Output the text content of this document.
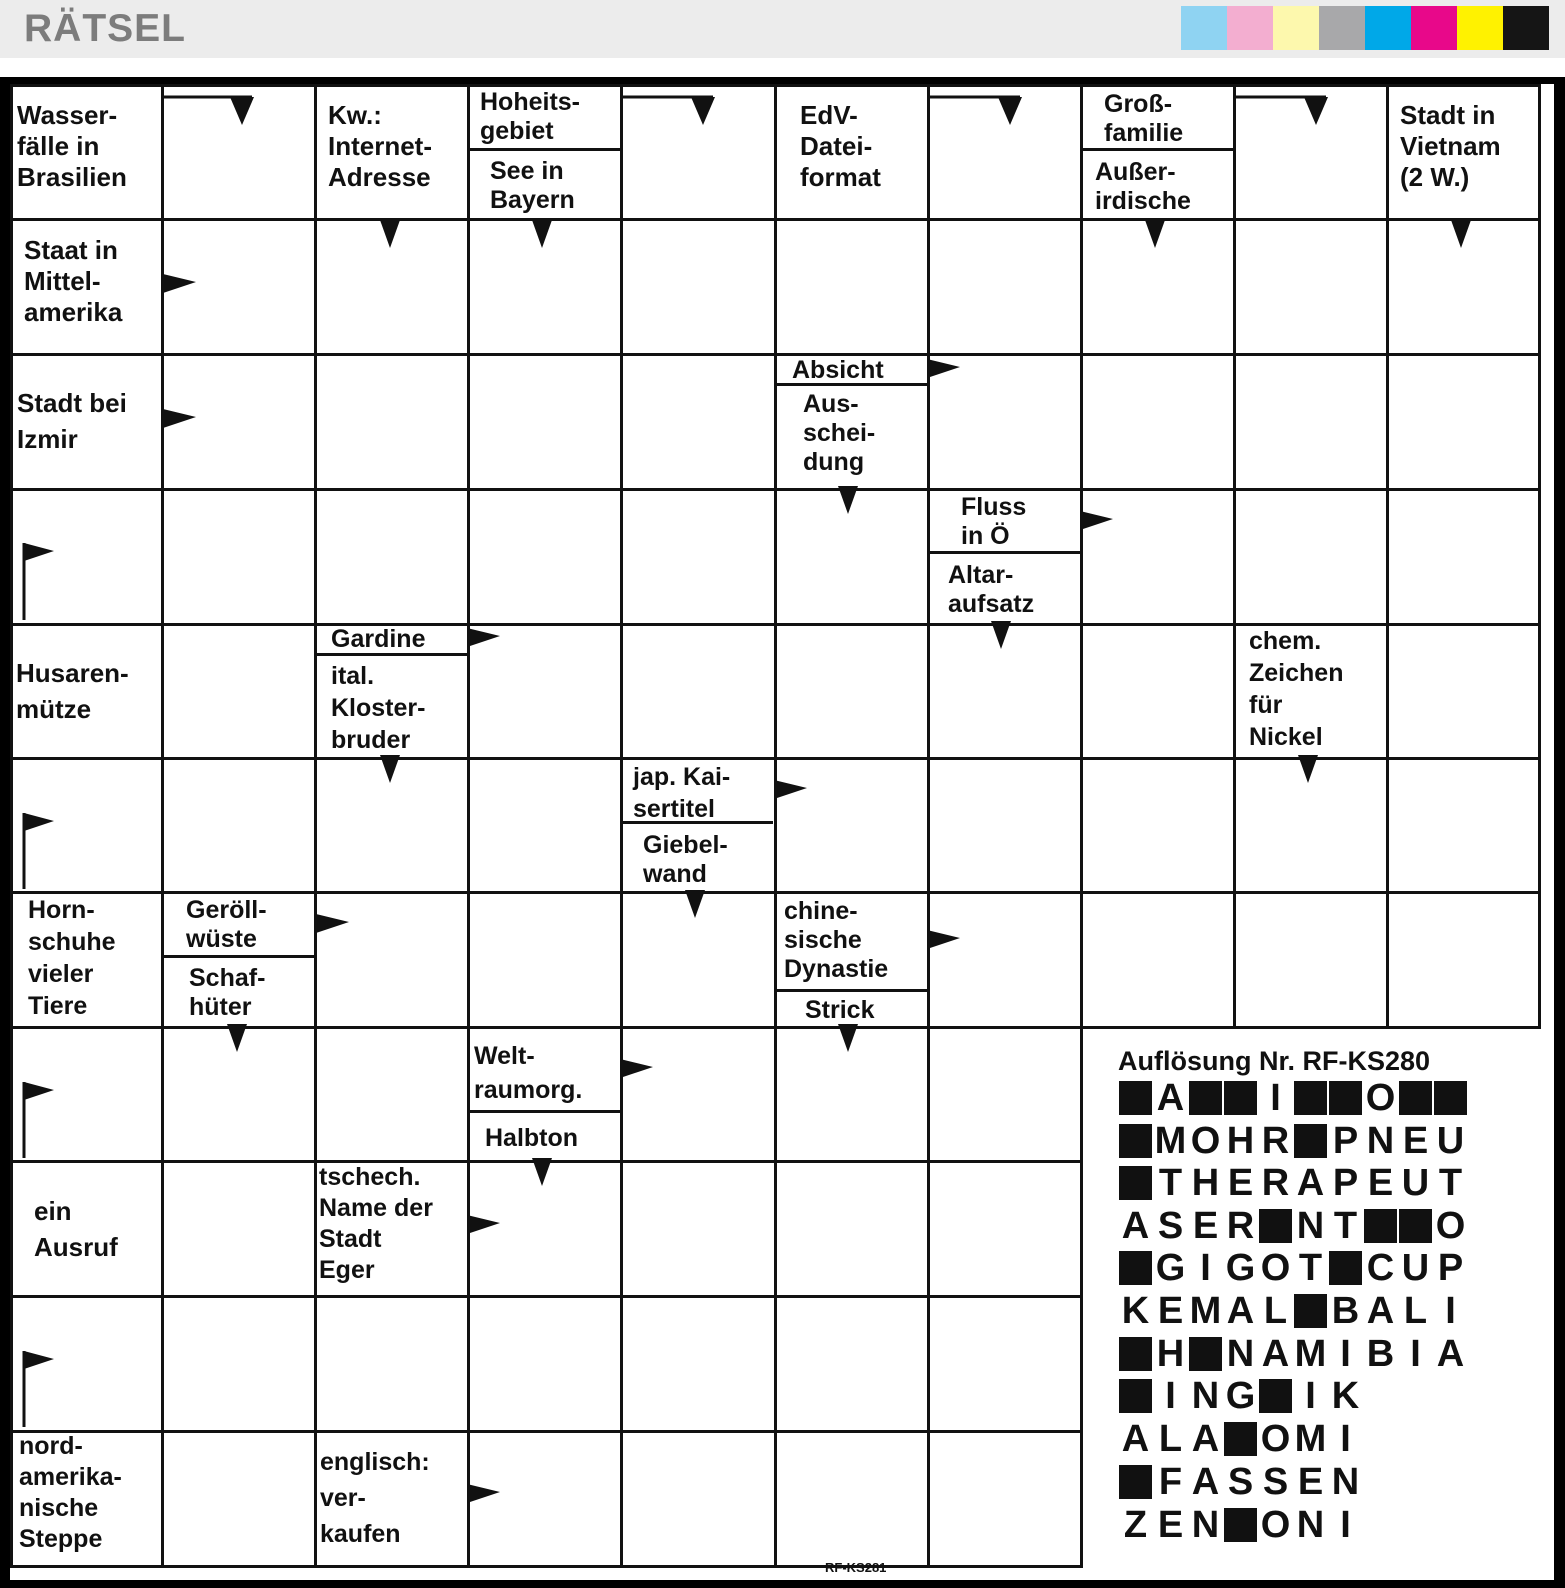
RÄTSEL
Wasser-
fälle in
Brasilien
Kw.:
Internet-
Adresse
Hoheits-
gebiet
See in
Bayern
EdV-
Datei-
format
Groß-
familie
Außer-
irdische
Stadt in
Vietnam
(2 W.)
Staat in
Mittel-
amerika
Stadt bei
Izmir
Absicht
Aus-
schei-
dung
Fluss
in Ö
Altar-
aufsatz
Husaren-
mütze
Gardine
ital.
Kloster-
bruder
chem.
Zeichen
für
Nickel
jap. Kai-
sertitel
Giebel-
wand
Horn-
schuhe
vieler
Tiere
Geröll-
wüste
Schaf-
hüter
chine-
sische
Dynastie
Strick
Welt-
raumorg.
Halbton
ein
Ausruf
tschech.
Name der
Stadt
Eger
nord-
amerika-
nische
Steppe
englisch:
ver-
kaufen
Auflösung Nr. RF-KS280
A	I	O
M O H R P N E U
T H E R A P E U T
A S E R N T O
G I G O T C U P
K E M A L B A L I
H N A M I B I A
I N G	I K
A L A O M I
F A S S E N
Z E N O N I
RF-KS281
